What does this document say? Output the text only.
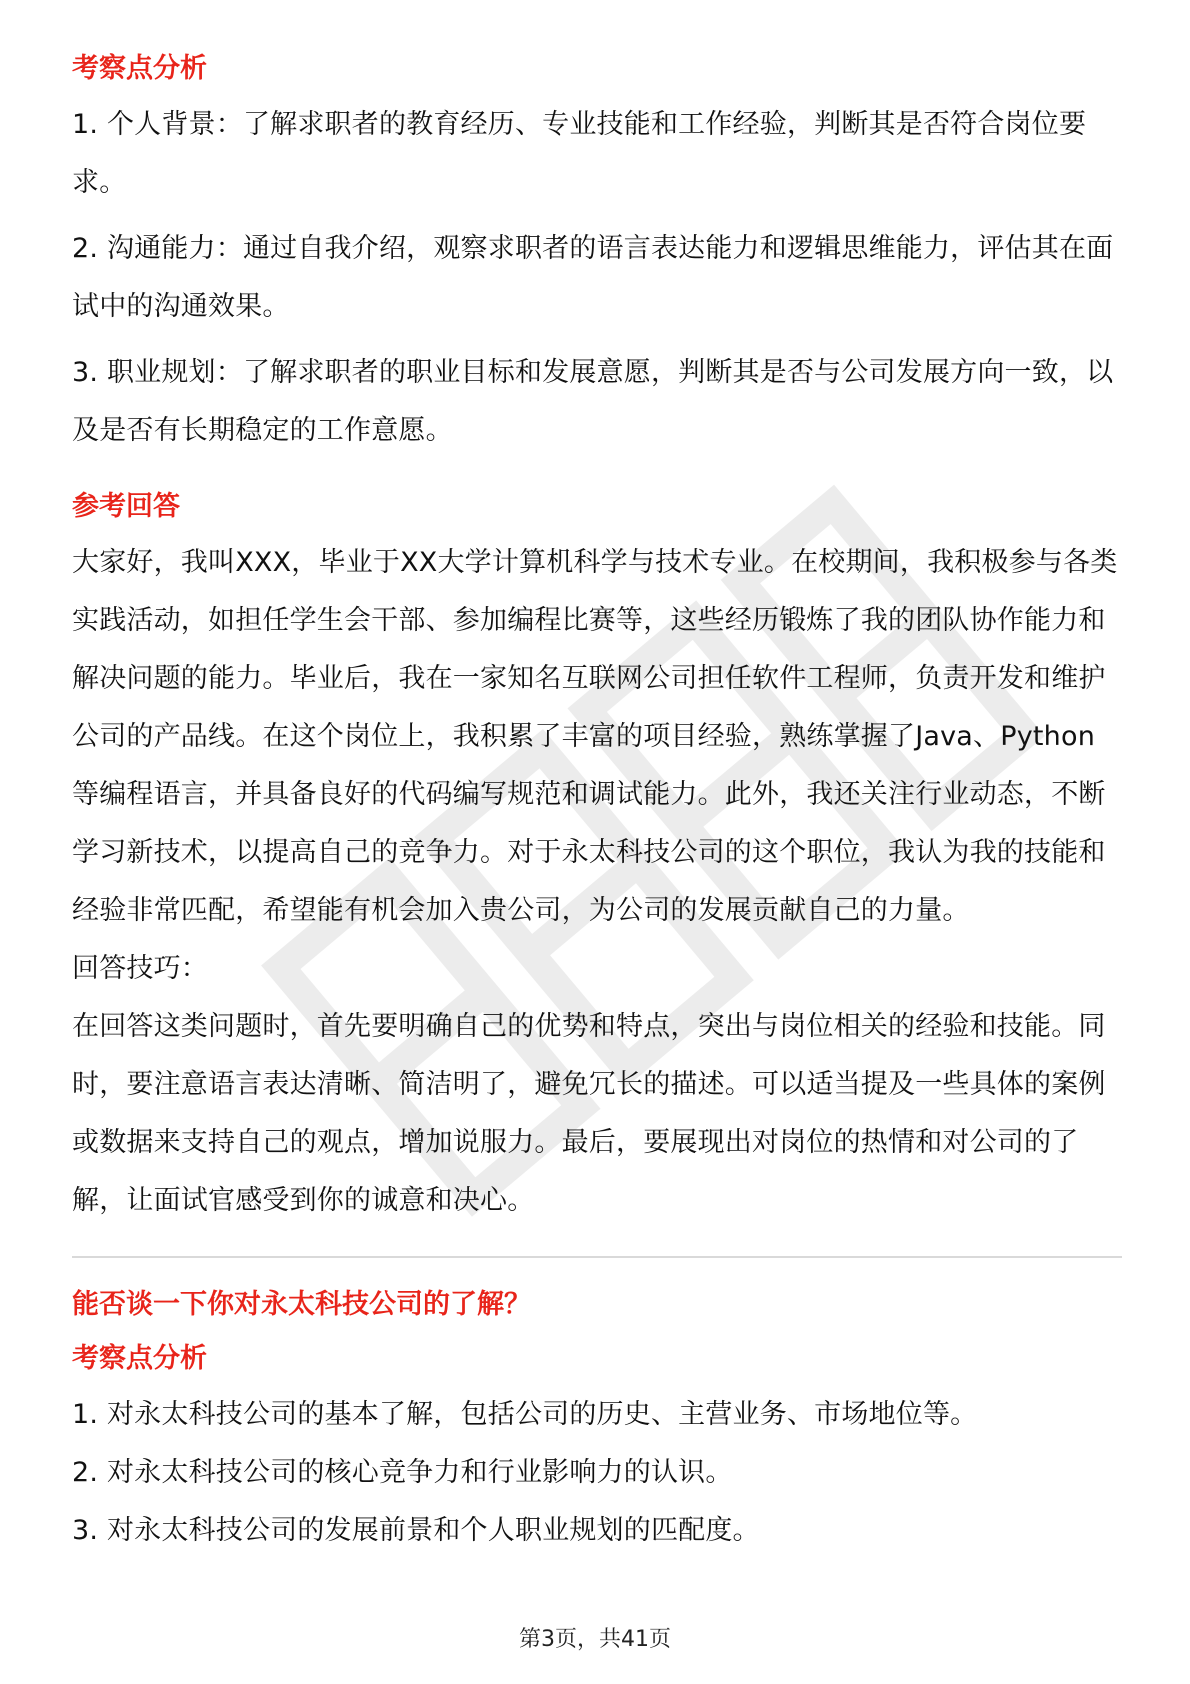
考察点分析

1. 个人背景：了解求职者的教育经历、专业技能和工作经验，判断其是否符合岗位要求。

2. 沟通能力：通过自我介绍，观察求职者的语言表达能力和逻辑思维能力，评估其在面试中的沟通效果。

3. 职业规划：了解求职者的职业目标和发展意愿，判断其是否与公司发展方向一致，以及是否有长期稳定的工作意愿。

参考回答

大家好，我叫XXX，毕业于XX大学计算机科学与技术专业。在校期间，我积极参与各类实践活动，如担任学生会干部、参加编程比赛等，这些经历锻炼了我的团队协作能力和解决问题的能力。毕业后，我在一家知名互联网公司担任软件工程师，负责开发和维护公司的产品线。在这个岗位上，我积累了丰富的项目经验，熟练掌握了Java、Python等编程语言，并具备良好的代码编写规范和调试能力。此外，我还关注行业动态，不断学习新技术，以提高自己的竞争力。对于永太科技公司的这个职位，我认为我的技能和经验非常匹配，希望能有机会加入贵公司，为公司的发展贡献自己的力量。

回答技巧：

在回答这类问题时，首先要明确自己的优势和特点，突出与岗位相关的经验和技能。同时，要注意语言表达清晰、简洁明了，避免冗长的描述。可以适当提及一些具体的案例或数据来支持自己的观点，增加说服力。最后，要展现出对岗位的热情和对公司的了解，让面试官感受到你的诚意和决心。

能否谈一下你对永太科技公司的了解？
考察点分析

1. 对永太科技公司的基本了解，包括公司的历史、主营业务、市场地位等。

2. 对永太科技公司的核心竞争力和行业影响力的认识。

3. 对永太科技公司的发展前景和个人职业规划的匹配度。

第3页，共41页
